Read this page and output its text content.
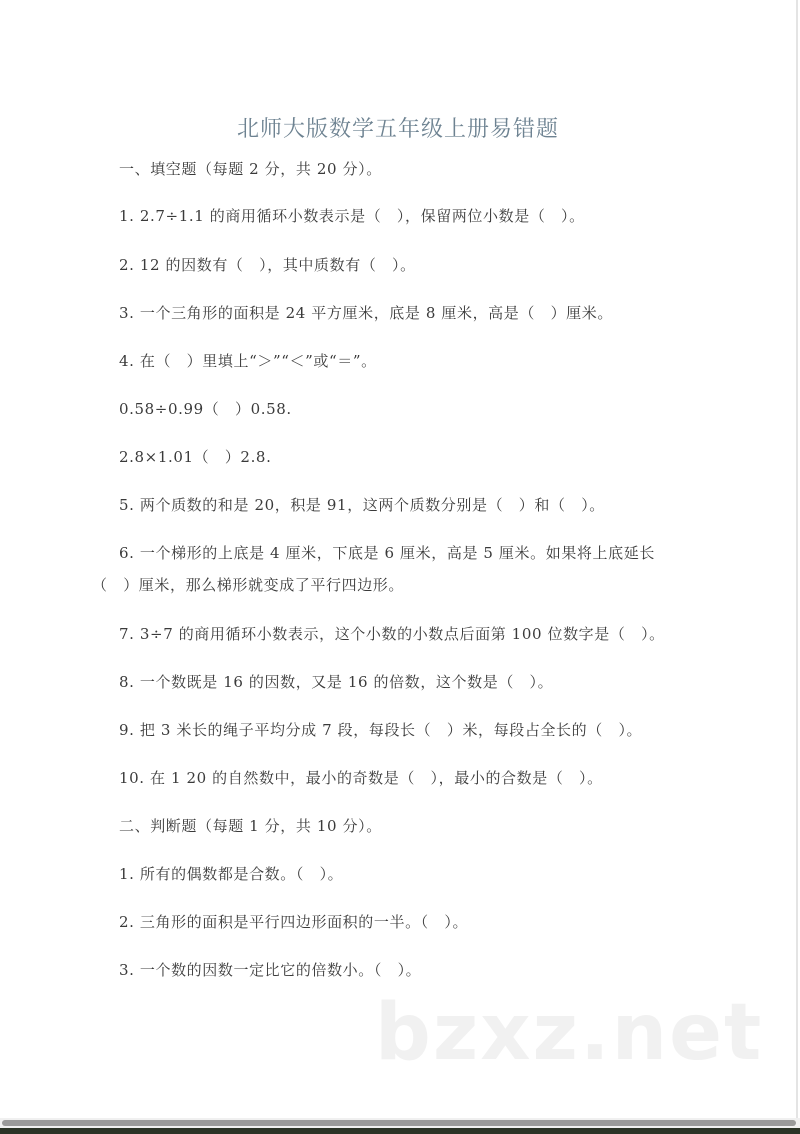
北师大版数学五年级上册易错题
一、填空题（每题 2 分，共 20 分）。
1. 2.7÷1.1 的商用循环小数表示是（　），保留两位小数是（　）。
2. 12 的因数有（　），其中质数有（　）。
3. 一个三角形的面积是 24 平方厘米，底是 8 厘米，高是（　）厘米。
4. 在（　）里填上“＞”“＜”或“＝”。
0.58÷0.99（　）0.58.
2.8×1.01（　）2.8.
5. 两个质数的和是 20，积是 91，这两个质数分别是（　）和（　）。
6. 一个梯形的上底是 4 厘米，下底是 6 厘米，高是 5 厘米。如果将上底延长
（　）厘米，那么梯形就变成了平行四边形。
7. 3÷7 的商用循环小数表示，这个小数的小数点后面第 100 位数字是（　）。
8. 一个数既是 16 的因数，又是 16 的倍数，这个数是（　）。
9. 把 3 米长的绳子平均分成 7 段，每段长（　）米，每段占全长的（　）。
10. 在 1 20 的自然数中，最小的奇数是（　），最小的合数是（　）。
二、判断题（每题 1 分，共 10 分）。
1. 所有的偶数都是合数。（　）。
2. 三角形的面积是平行四边形面积的一半。（　）。
3. 一个数的因数一定比它的倍数小。（　）。
bzxz.net
